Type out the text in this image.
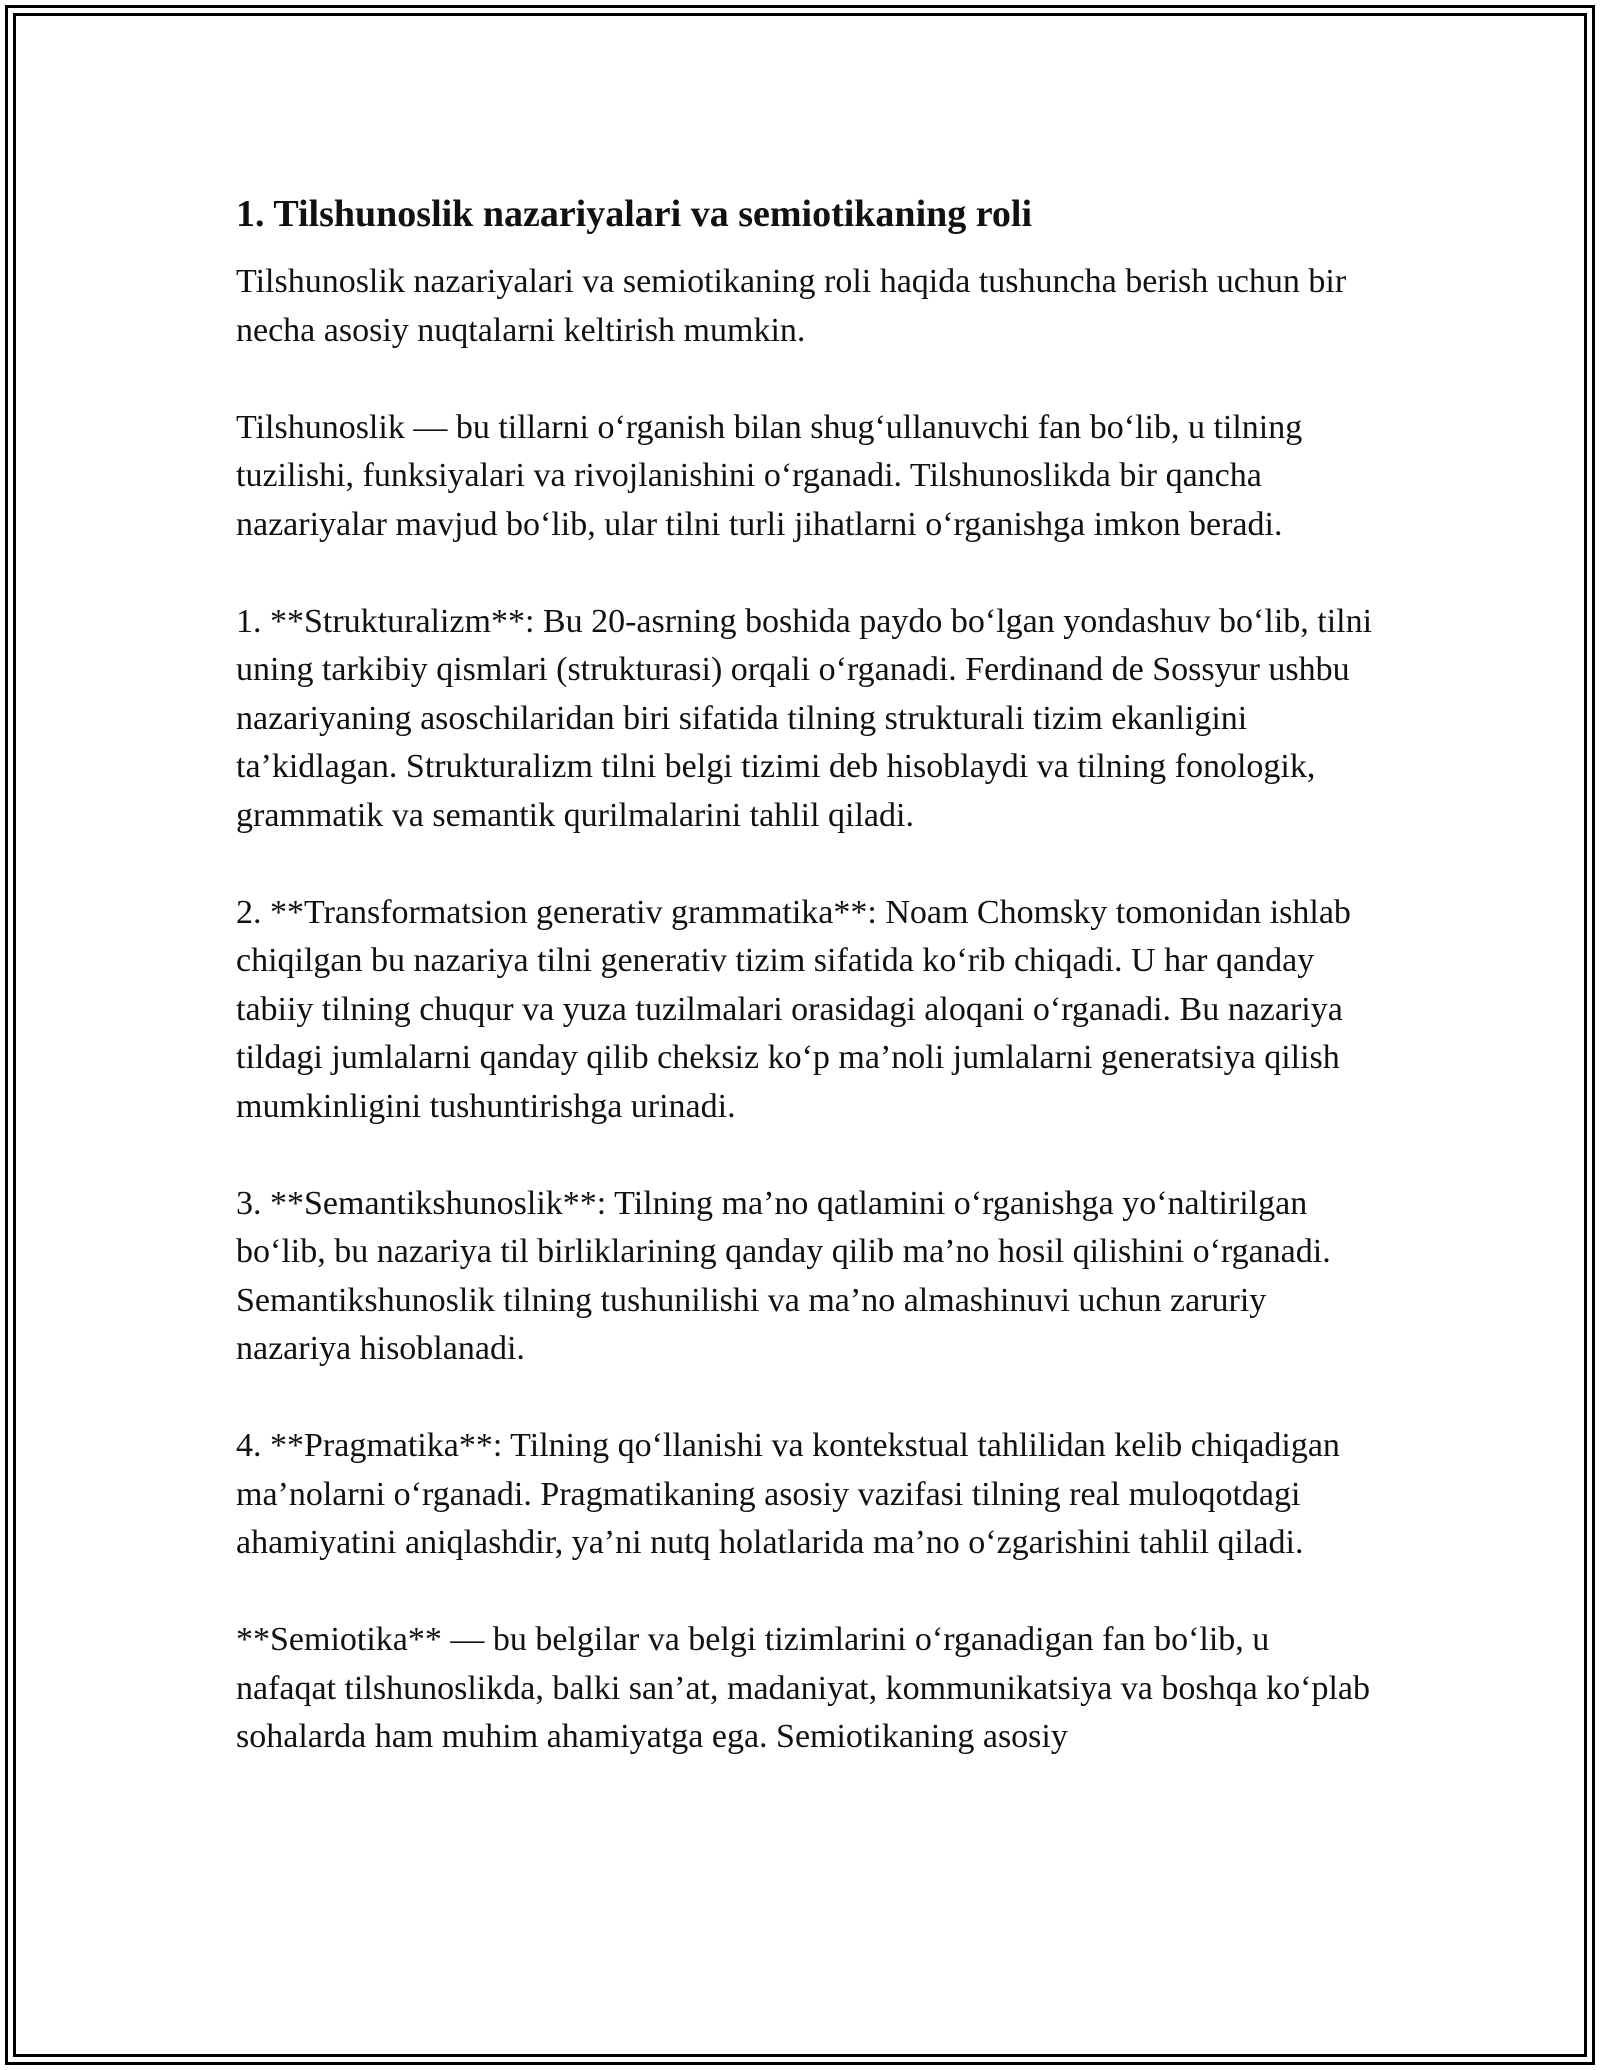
1. Tilshunoslik nazariyalari va semiotikaning roli

Tilshunoslik nazariyalari va semiotikaning roli haqida tushuncha berish uchun bir necha asosiy nuqtalarni keltirish mumkin.

Tilshunoslik — bu tillarni o‘rganish bilan shug‘ullanuvchi fan bo‘lib, u tilning tuzilishi, funksiyalari va rivojlanishini o‘rganadi. Tilshunoslikda bir qancha nazariyalar mavjud bo‘lib, ular tilni turli jihatlarni o‘rganishga imkon beradi.

1. **Strukturalizm**: Bu 20-asrning boshida paydo bo‘lgan yondashuv bo‘lib, tilni uning tarkibiy qismlari (strukturasi) orqali o‘rganadi. Ferdinand de Sossyur ushbu nazariyaning asoschilaridan biri sifatida tilning strukturali tizim ekanligini ta’kidlagan. Strukturalizm tilni belgi tizimi deb hisoblaydi va tilning fonologik, grammatik va semantik qurilmalarini tahlil qiladi.

2. **Transformatsion generativ grammatika**: Noam Chomsky tomonidan ishlab chiqilgan bu nazariya tilni generativ tizim sifatida ko‘rib chiqadi. U har qanday tabiiy tilning chuqur va yuza tuzilmalari orasidagi aloqani o‘rganadi. Bu nazariya tildagi jumlalarni qanday qilib cheksiz ko‘p ma’noli jumlalarni generatsiya qilish mumkinligini tushuntirishga urinadi.

3. **Semantikshunoslik**: Tilning ma’no qatlamini o‘rganishga yo‘naltirilgan bo‘lib, bu nazariya til birliklarining qanday qilib ma’no hosil qilishini o‘rganadi. Semantikshunoslik tilning tushunilishi va ma’no almashinuvi uchun zaruriy nazariya hisoblanadi.

4. **Pragmatika**: Tilning qo‘llanishi va kontekstual tahlilidan kelib chiqadigan ma’nolarni o‘rganadi. Pragmatikaning asosiy vazifasi tilning real muloqotdagi ahamiyatini aniqlashdir, ya’ni nutq holatlarida ma’no o‘zgarishini tahlil qiladi.

**Semiotika** — bu belgilar va belgi tizimlarini o‘rganadigan fan bo‘lib, u nafaqat tilshunoslikda, balki san’at, madaniyat, kommunikatsiya va boshqa ko‘plab sohalarda ham muhim ahamiyatga ega. Semiotikaning asosiy
